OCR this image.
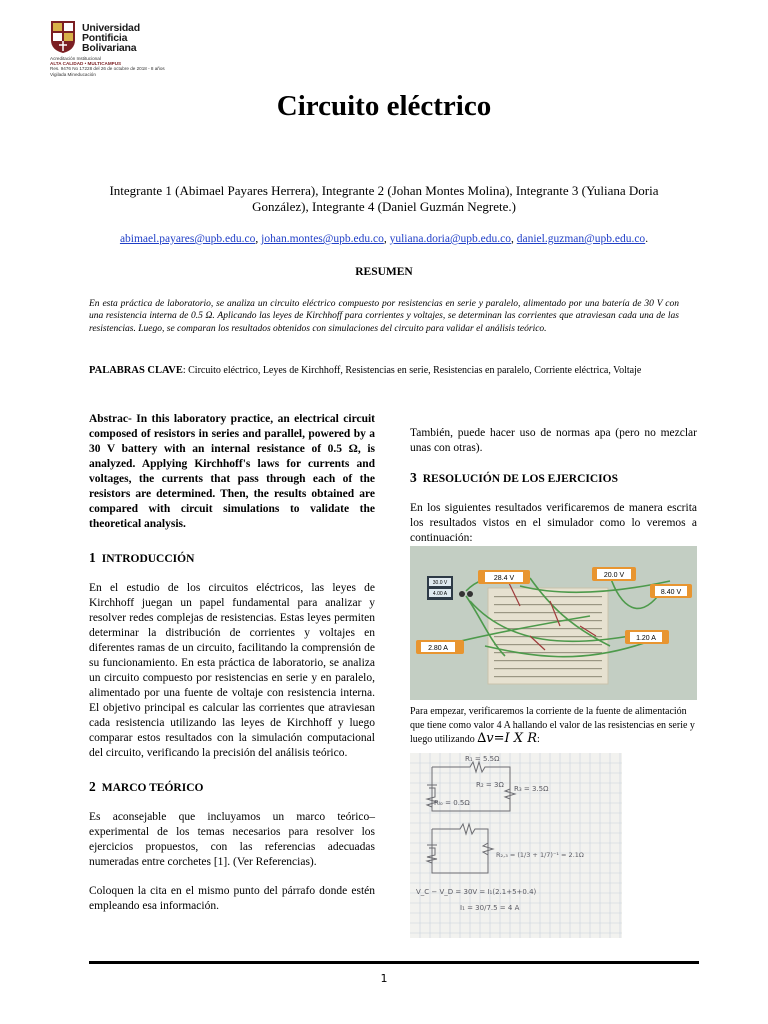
Universidad
Pontificia
Bolivariana
Acreditación Institucional
ALTA CALIDAD • MULTICAMPUS
Res. 9476 No 17228 del 26 de octubre de 2018 - 8 años
Vigilada Mineducación
Circuito eléctrico
Integrante 1 (Abimael Payares Herrera), Integrante 2 (Johan Montes Molina), Integrante 3 (Yuliana Doria González), Integrante 4 (Daniel Guzmán Negrete.)
abimael.payares@upb.edu.co, johan.montes@upb.edu.co, yuliana.doria@upb.edu.co, daniel.guzman@upb.edu.co.
RESUMEN
En esta práctica de laboratorio, se analiza un circuito eléctrico compuesto por resistencias en serie y paralelo, alimentado por una batería de 30 V con una resistencia interna de 0.5 Ω. Aplicando las leyes de Kirchhoff para corrientes y voltajes, se determinan las corrientes que atraviesan cada una de las resistencias. Luego, se comparan los resultados obtenidos con simulaciones del circuito para validar el análisis teórico.
PALABRAS CLAVE: Circuito eléctrico, Leyes de Kirchhoff, Resistencias en serie, Resistencias en paralelo, Corriente eléctrica, Voltaje
Abstrac- In this laboratory practice, an electrical circuit composed of resistors in series and parallel, powered by a 30 V battery with an internal resistance of 0.5 Ω, is analyzed. Applying Kirchhoff's laws for currents and voltages, the currents that pass through each of the resistors are determined. Then, the results obtained are compared with circuit simulations to validate the theoretical analysis.
1 INTRODUCCIÓN

En el estudio de los circuitos eléctricos, las leyes de Kirchhoff juegan un papel fundamental para analizar y resolver redes complejas de resistencias. Estas leyes permiten determinar la distribución de corrientes y voltajes en diferentes ramas de un circuito, facilitando la comprensión de su funcionamiento. En esta práctica de laboratorio, se analiza un circuito compuesto por resistencias en serie y en paralelo, alimentado por una fuente de voltaje con resistencia interna. El objetivo principal es calcular las corrientes que atraviesan cada resistencia utilizando las leyes de Kirchhoff y luego comparar estos resultados con la simulación computacional del circuito, verificando la precisión del análisis teórico.

2 MARCO TEÓRICO

Es aconsejable que incluyamos un marco teórico–experimental de los temas necesarios para resolver los ejercicios propuestos, con las referencias adecuadas numeradas entre corchetes [1]. (Ver Referencias).

Coloquen la cita en el mismo punto del párrafo donde estén empleando esa información.

También, puede hacer uso de normas apa (pero no mezclar unas con otras).

3 RESOLUCIÓN DE LOS EJERCICIOS

En los siguientes resultados verificaremos de manera escrita los resultados vistos en el simulador como lo veremos a continuación:

30.0 V
4.00 A
28.4 V	20.0 V
8.40 V
2.80 A
1.20 A
Para empezar, verificaremos la corriente de la fuente de alimentación que tiene como valor 4 A hallando el valor de las resistencias en serie y luego utilizando ∆v=I X R:
R₁ = 5.5Ω
Rₗₒ = 0.5Ω
R₂ = 3Ω R₃ = 3.5Ω
R₂,₃ = (1/3 + 1/7)⁻¹ = 2.1Ω
V_C − V_D = 30V = I₁(2.1+5+0.4)
I₁ = 30/7.5 = 4 A
1
